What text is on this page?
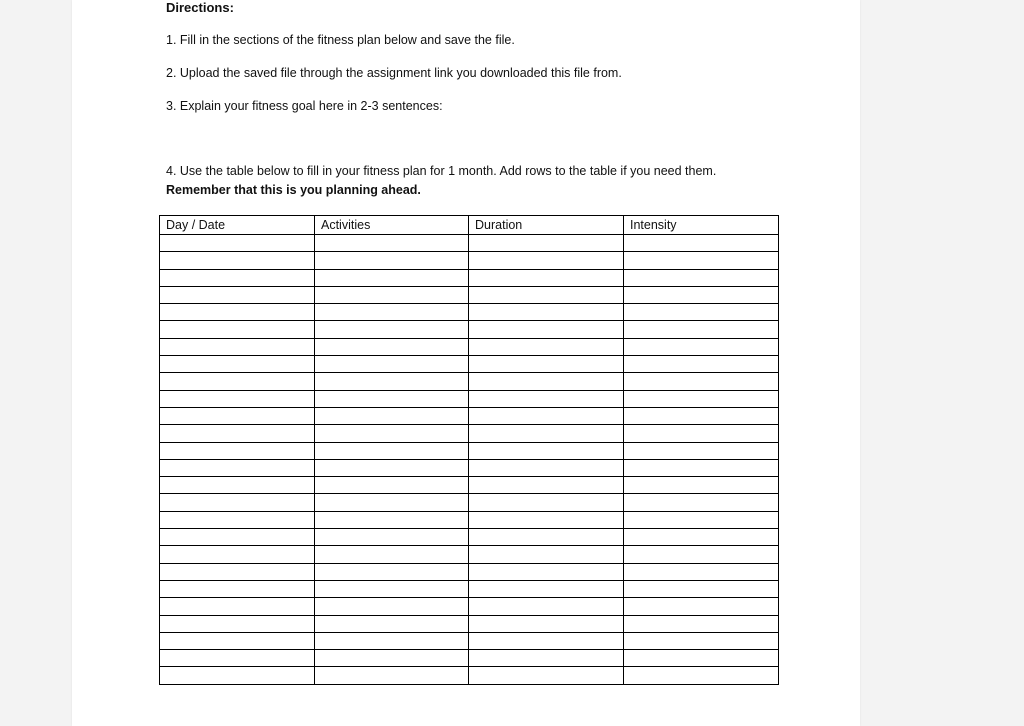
Directions:
1. Fill in the sections of the fitness plan below and save the file.
2. Upload the saved file through the assignment link you downloaded this file from.
3. Explain your fitness goal here in 2-3 sentences:
4. Use the table below to fill in your fitness plan for 1 month. Add rows to the table if you need them.
Remember that this is you planning ahead.
Day / Date	Activities	Duration	Intensity
